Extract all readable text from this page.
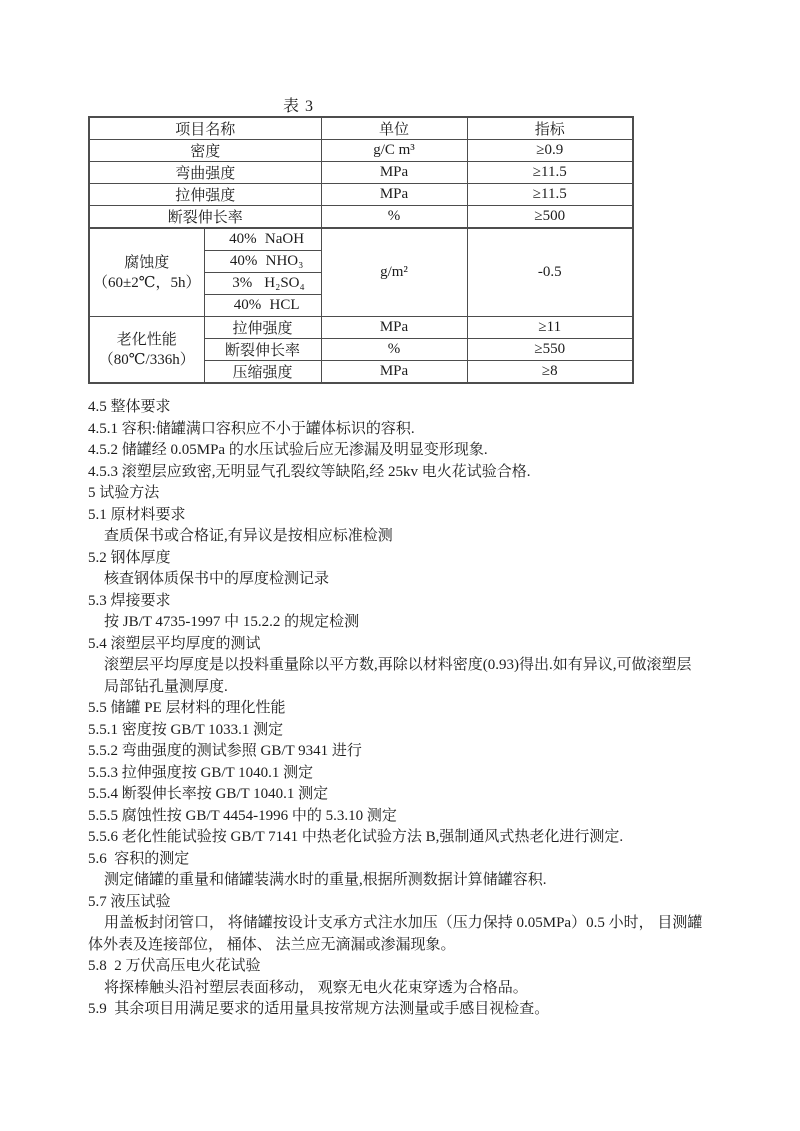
表 3
项目名称		单位	指标
密度		g/C m³	≥0.9
弯曲强度		MPa	≥11.5
拉伸强度		MPa	≥11.5
断裂伸长率		%	≥500

腐蚀度
（60±2℃，5h）	40% NaOH	g/m²	-0.5
	40% NHO₃		
	3% H₂SO₄		
	40% HCL		

老化性能
（80℃/336h）	拉伸强度	MPa	≥11
	断裂伸长率	%	≥550
	压缩强度	MPa	≥8
4.5 整体要求
4.5.1 容积:储罐满口容积应不小于罐体标识的容积.
4.5.2 储罐经 0.05MPa 的水压试验后应无渗漏及明显变形现象.
4.5.3 滚塑层应致密,无明显气孔裂纹等缺陷,经 25kv 电火花试验合格.
5 试验方法
5.1 原材料要求
查质保书或合格证,有异议是按相应标准检测
5.2 钢体厚度
核查钢体质保书中的厚度检测记录
5.3 焊接要求
按 JB/T 4735-1997 中 15.2.2 的规定检测
5.4 滚塑层平均厚度的测试
滚塑层平均厚度是以投料重量除以平方数,再除以材料密度(0.93)得出.如有异议,可做滚塑层
局部钻孔量测厚度.
5.5 储罐 PE 层材料的理化性能
5.5.1 密度按 GB/T 1033.1 测定
5.5.2 弯曲强度的测试参照 GB/T 9341 进行
5.5.3 拉伸强度按 GB/T 1040.1 测定
5.5.4 断裂伸长率按 GB/T 1040.1 测定
5.5.5 腐蚀性按 GB/T 4454-1996 中的 5.3.10 测定
5.5.6 老化性能试验按 GB/T 7141 中热老化试验方法 B,强制通风式热老化进行测定.
5.6  容积的测定
测定储罐的重量和储罐装满水时的重量,根据所测数据计算储罐容积.
5.7 液压试验
用盖板封闭管口， 将储罐按设计支承方式注水加压（压力保持 0.05MPa）0.5 小时， 目测罐
体外表及连接部位， 桶体、 法兰应无滴漏或渗漏现象。
5.8  2 万伏高压电火花试验
将探棒触头沿衬塑层表面移动， 观察无电火花束穿透为合格品。
5.9  其余项目用满足要求的适用量具按常规方法测量或手感目视检查。
